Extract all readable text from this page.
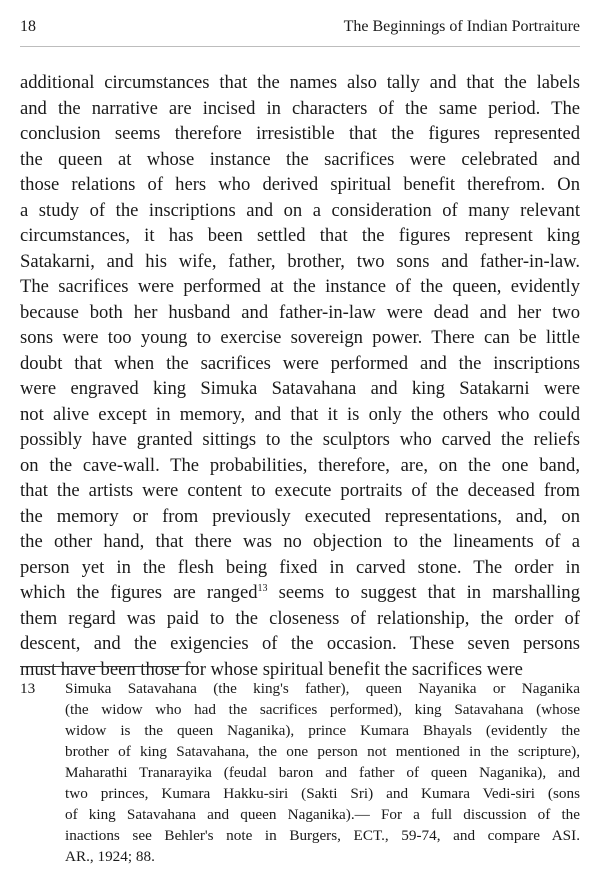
18	The Beginnings of Indian Portraiture
additional circumstances that the names also tally and that the labels
and the narrative are incised in characters of the same period. The
conclusion seems therefore irresistible that the figures represented
the queen at whose instance the sacrifices were celebrated and
those relations of hers who derived spiritual benefit therefrom. On
a study of the inscriptions and on a consideration of many relevant
circumstances, it has been settled that the figures represent king
Satakarni, and his wife, father, brother, two sons and father-in-law.
The sacrifices were performed at the instance of the queen, evidently
because both her husband and father-in-law were dead and her two
sons were too young to exercise sovereign power. There can be little
doubt that when the sacrifices were performed and the inscriptions
were engraved king Simuka Satavahana and king Satakarni were
not alive except in memory, and that it is only the others who could
possibly have granted sittings to the sculptors who carved the reliefs
on the cave-wall. The probabilities, therefore, are, on the one band,
that the artists were content to execute portraits of the deceased from
the memory or from previously executed representations, and, on
the other hand, that there was no objection to the lineaments of a
person yet in the flesh being fixed in carved stone. The order in
which the figures are ranged$^{13}$ seems to suggest that in marshalling
them regard was paid to the closeness of relationship, the order of
descent, and the exigencies of the occasion. These seven persons
must have been those for whose spiritual benefit the sacrifices were
13 Simuka Satavahana (the king's father), queen Nayanika or Naganika
(the widow who had the sacrifices performed), king Satavahana (whose
widow is the queen Naganika), prince Kumara Bhayals (evidently the
brother of king Satavahana, the one person not mentioned in the scripture),
Maharathi Tranarayika (feudal baron and father of queen Naganika), and
two princes, Kumara Hakku-siri (Sakti Sri) and Kumara Vedi-siri (sons
of king Satavahana and queen Naganika).— For a full discussion of the
inactions see Behler's note in Burgers, ECT., 59-74, and compare ASI.
AR., 1924; 88.
